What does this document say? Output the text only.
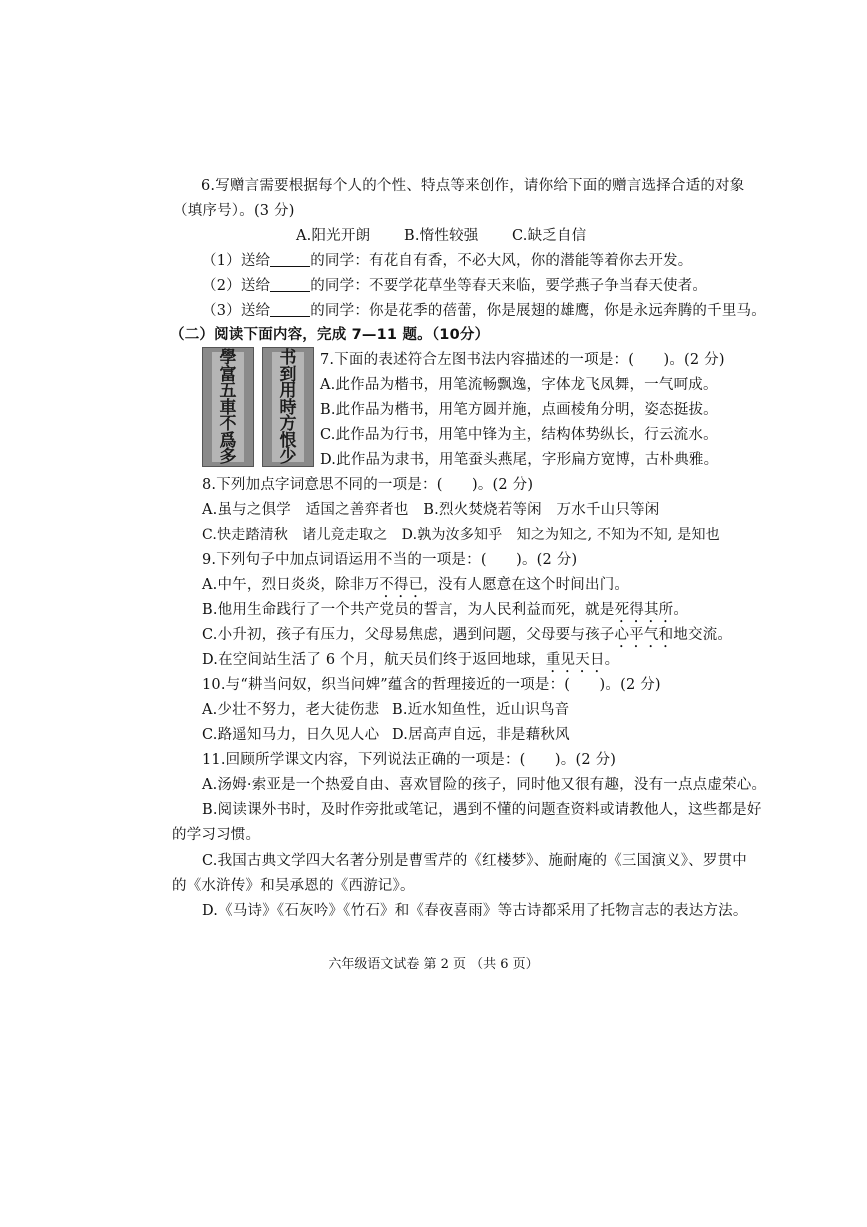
6.写赠言需要根据每个人的个性、特点等来创作，请你给下面的赠言选择合适的对象
（填序号）。(3 分)
A.阳光开朗 B.惰性较强 C.缺乏自信
（1）送给	的同学：有花自有香，不必大风，你的潜能等着你去开发。
（2）送给	的同学：不要学花草坐等春天来临，要学燕子争当春天使者。
（3）送给	的同学：你是花季的蓓蕾，你是展翅的雄鹰，你是永远奔腾的千里马。
（二）阅读下面内容，完成 7—11 题。（10分）
學
富
五
車
不
爲
多
书
到
用
時
方
恨
少
7.下面的表述符合左图书法内容描述的一项是：(　　)。(2 分)
A.此作品为楷书，用笔流畅飘逸，字体龙飞凤舞，一气呵成。
B.此作品为楷书，用笔方圆并施，点画棱角分明，姿态挺拔。
C.此作品为行书，用笔中锋为主，结构体势纵长，行云流水。
D.此作品为隶书，用笔蚕头燕尾，字形扁方宽博，古朴典雅。
8.下列加点字词意思不同的一项是：(　　)。(2 分)
A.虽与之俱学　适国之善弈者也　B.烈火焚烧若等闲　万水千山只等闲
C.快走踏清秋　诸儿竞走取之　D.孰为汝多知乎　知之为知之, 不知为不知, 是知也
9.下列句子中加点词语运用不当的一项是：(　　)。(2 分)
A.中午，烈日炎炎，除非万不得已，没有人愿意在这个时间出门。
B.他用生命践行了一个共产党员的誓言，为人民利益而死，就是死得其所。
C.小升初，孩子有压力，父母易焦虑，遇到问题，父母要与孩子心平气和地交流。
D.在空间站生活了 6 个月，航天员们终于返回地球，重见天日。
10.与“耕当问奴，织当问婢”蕴含的哲理接近的一项是：(　　)。(2 分)
A.少壮不努力，老大徒伤悲 B.近水知鱼性，近山识鸟音
C.路遥知马力，日久见人心 D.居高声自远，非是藉秋风
11.回顾所学课文内容，下列说法正确的一项是：(　　)。(2 分)
A.汤姆·索亚是一个热爱自由、喜欢冒险的孩子，同时他又很有趣，没有一点点虚荣心。
B.阅读课外书时，及时作旁批或笔记，遇到不懂的问题查资料或请教他人，这些都是好
的学习习惯。
C.我国古典文学四大名著分别是曹雪芹的《红楼梦》、施耐庵的《三国演义》、罗贯中
的《水浒传》和吴承恩的《西游记》。
D.《马诗》《石灰吟》《竹石》和《春夜喜雨》等古诗都采用了托物言志的表达方法。
六年级语文试卷 第 2 页 （共 6 页）
